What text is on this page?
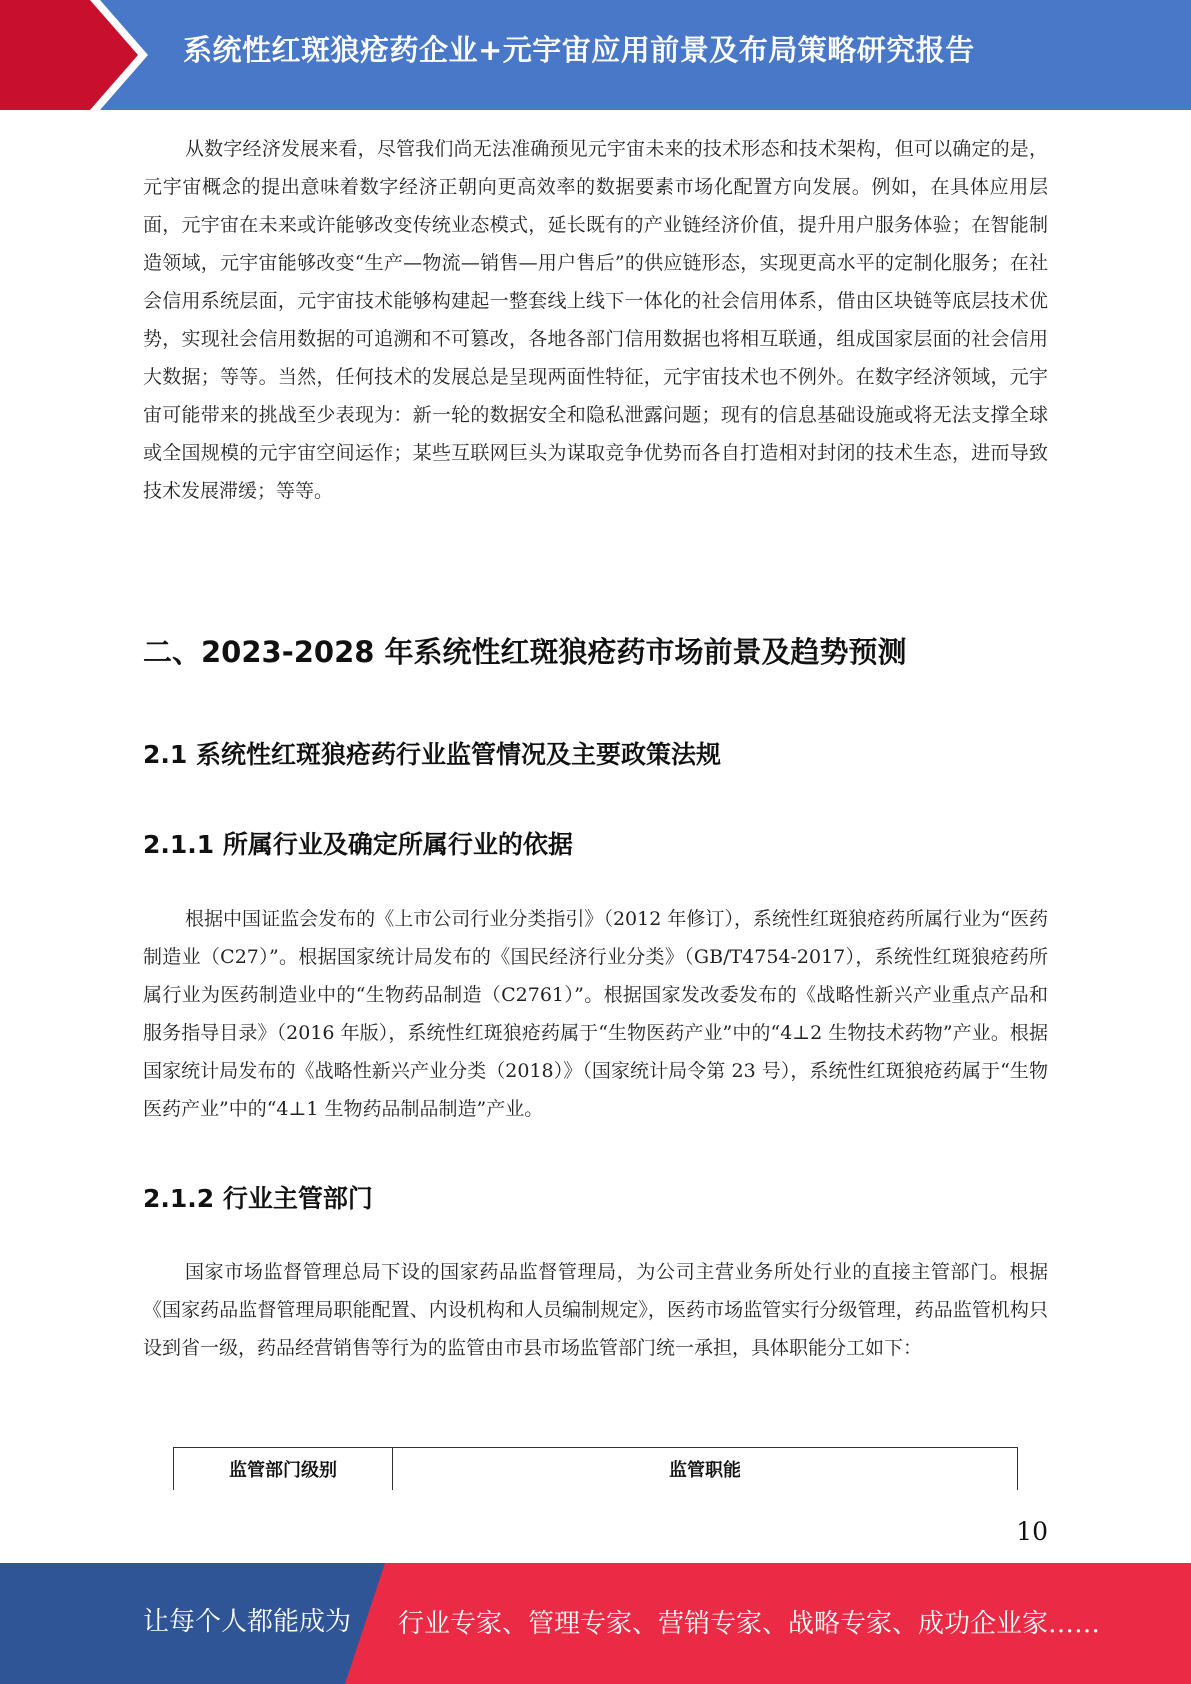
系统性红斑狼疮药企业+元宇宙应用前景及布局策略研究报告

从数字经济发展来看，尽管我们尚无法准确预见元宇宙未来的技术形态和技术架构，但可以确定的是，元宇宙概念的提出意味着数字经济正朝向更高效率的数据要素市场化配置方向发展。例如，在具体应用层面，元宇宙在未来或许能够改变传统业态模式，延长既有的产业链经济价值，提升用户服务体验；在智能制造领域，元宇宙能够改变“生产—物流—销售—用户售后”的供应链形态，实现更高水平的定制化服务；在社会信用系统层面，元宇宙技术能够构建起一整套线上线下一体化的社会信用体系，借由区块链等底层技术优势，实现社会信用数据的可追溯和不可篡改，各地各部门信用数据也将相互联通，组成国家层面的社会信用大数据；等等。当然，任何技术的发展总是呈现两面性特征，元宇宙技术也不例外。在数字经济领域，元宇宙可能带来的挑战至少表现为：新一轮的数据安全和隐私泄露问题；现有的信息基础设施或将无法支撑全球或全国规模的元宇宙空间运作；某些互联网巨头为谋取竞争优势而各自打造相对封闭的技术生态，进而导致技术发展滞缓；等等。

二、2023-2028 年系统性红斑狼疮药市场前景及趋势预测
2.1 系统性红斑狼疮药行业监管情况及主要政策法规
2.1.1 所属行业及确定所属行业的依据

根据中国证监会发布的《上市公司行业分类指引》（2012 年修订），系统性红斑狼疮药所属行业为“医药制造业（C27）”。根据国家统计局发布的《国民经济行业分类》（GB/T4754-2017），系统性红斑狼疮药所属行业为医药制造业中的“生物药品制造（C2761）”。根据国家发改委发布的《战略性新兴产业重点产品和服务指导目录》（2016 年版），系统性红斑狼疮药属于“生物医药产业”中的“4⊥2 生物技术药物”产业。根据国家统计局发布的《战略性新兴产业分类（2018）》（国家统计局令第 23 号），系统性红斑狼疮药属于“生物医药产业”中的“4⊥1 生物药品制品制造”产业。

2.1.2 行业主管部门

国家市场监督管理总局下设的国家药品监督管理局，为公司主营业务所处行业的直接主管部门。根据《国家药品监督管理局职能配置、内设机构和人员编制规定》，医药市场监管实行分级管理，药品监管机构只设到省一级，药品经营销售等行为的监管由市县市场监管部门统一承担，具体职能分工如下：

监管部门级别	监管职能
10
让每个人都能成为 行业专家、管理专家、营销专家、战略专家、成功企业家……
